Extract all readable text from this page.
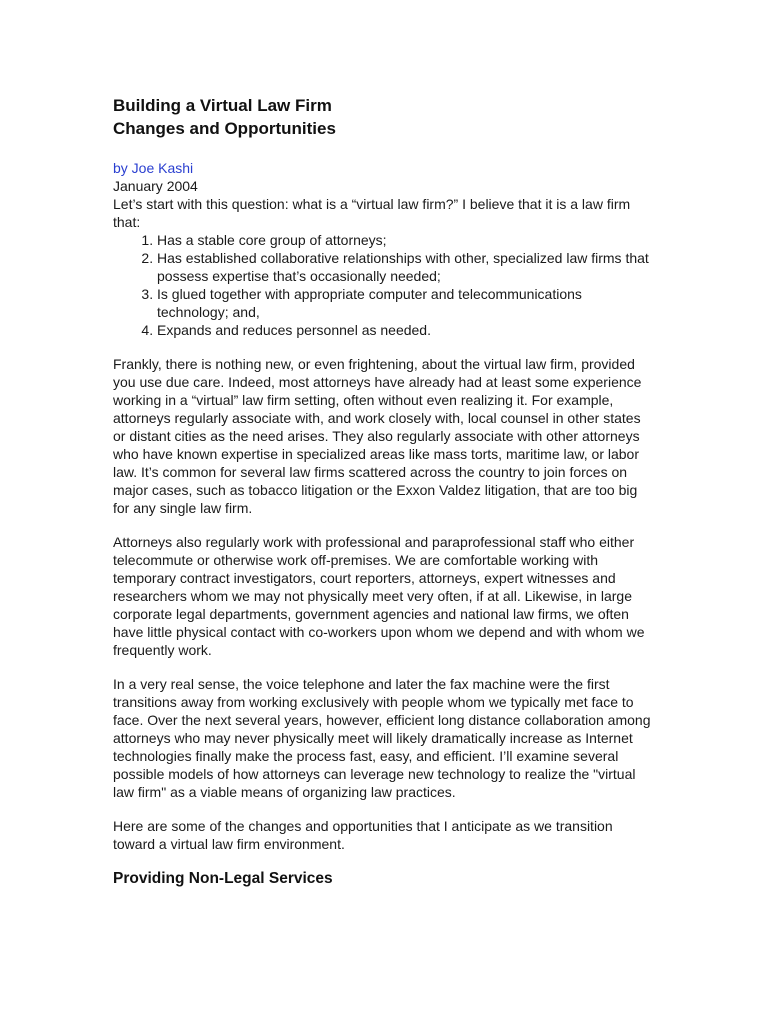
Building a Virtual Law Firm
Changes and Opportunities
by Joe Kashi
January 2004

Let’s start with this question: what is a “virtual law firm?” I believe that it is a law firm that:

1. Has a stable core group of attorneys;
2. Has established collaborative relationships with other, specialized law firms that possess expertise that’s occasionally needed;
3. Is glued together with appropriate computer and telecommunications technology; and,
4. Expands and reduces personnel as needed.

Frankly, there is nothing new, or even frightening, about the virtual law firm, provided you use due care. Indeed, most attorneys have already had at least some experience working in a “virtual” law firm setting, often without even realizing it. For example, attorneys regularly associate with, and work closely with, local counsel in other states or distant cities as the need arises. They also regularly associate with other attorneys who have known expertise in specialized areas like mass torts, maritime law, or labor law. It’s common for several law firms scattered across the country to join forces on major cases, such as tobacco litigation or the Exxon Valdez litigation, that are too big for any single law firm.

Attorneys also regularly work with professional and paraprofessional staff who either telecommute or otherwise work off-premises. We are comfortable working with temporary contract investigators, court reporters, attorneys, expert witnesses and researchers whom we may not physically meet very often, if at all. Likewise, in large corporate legal departments, government agencies and national law firms, we often have little physical contact with co-workers upon whom we depend and with whom we frequently work.

In a very real sense, the voice telephone and later the fax machine were the first transitions away from working exclusively with people whom we typically met face to face. Over the next several years, however, efficient long distance collaboration among attorneys who may never physically meet will likely dramatically increase as Internet technologies finally make the process fast, easy, and efficient. I’ll examine several possible models of how attorneys can leverage new technology to realize the "virtual law firm" as a viable means of organizing law practices.

Here are some of the changes and opportunities that I anticipate as we transition toward a virtual law firm environment.

Providing Non-Legal Services
